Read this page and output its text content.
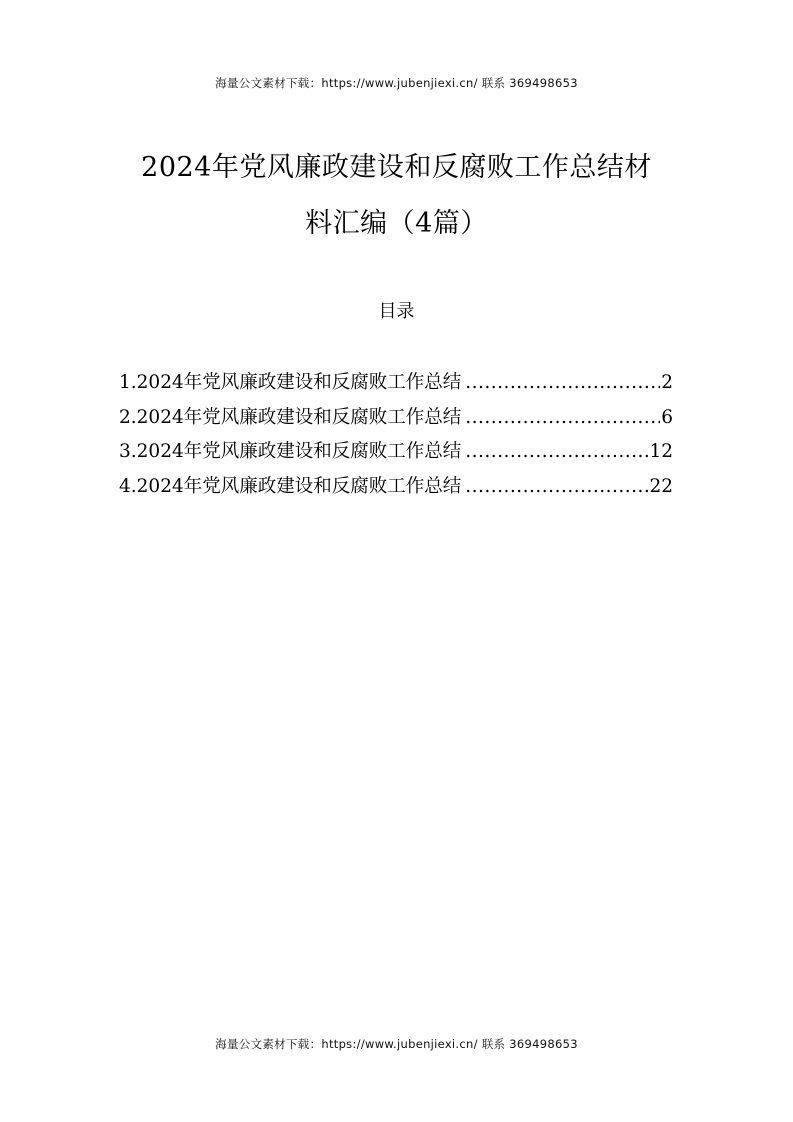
海量公文素材下载：https://www.jubenjiexi.cn/ 联系 369498653
2024年党风廉政建设和反腐败工作总结材
料汇编（4篇）
目录
1.2024年党风廉政建设和反腐败工作总结 .....	2
2.2024年党风廉政建设和反腐败工作总结 .....	6
3.2024年党风廉政建设和反腐败工作总结 .....	12
4.2024年党风廉政建设和反腐败工作总结 .....	22
海量公文素材下载：https://www.jubenjiexi.cn/ 联系 369498653
